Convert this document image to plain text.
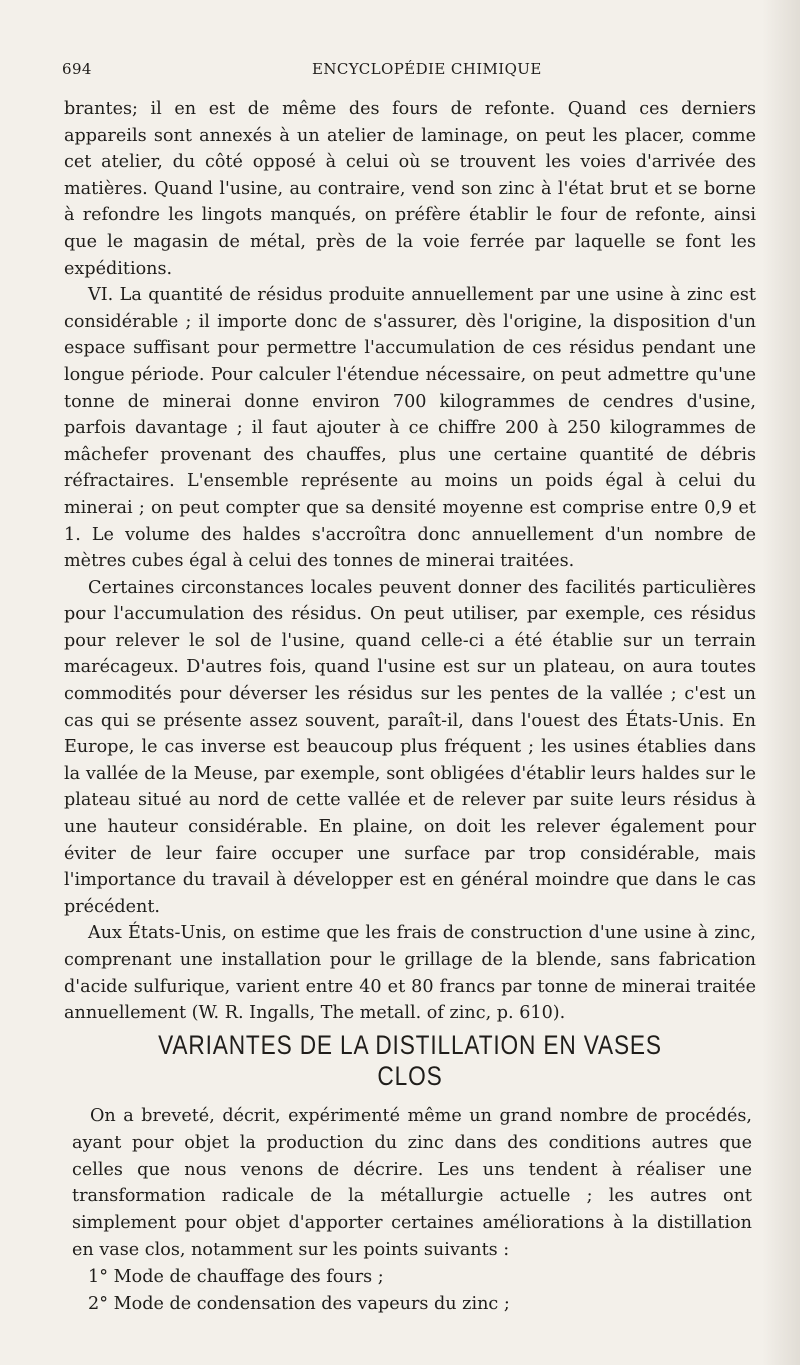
694	ENCYCLOPÉDIE CHIMIQUE

brantes; il en est de même des fours de refonte. Quand ces derniers appareils sont annexés à un atelier de laminage, on peut les placer, comme cet atelier, du côté opposé à celui où se trouvent les voies d'arrivée des matières. Quand l'usine, au contraire, vend son zinc à l'état brut et se borne à refondre les lingots manqués, on préfère établir le four de refonte, ainsi que le magasin de métal, près de la voie ferrée par laquelle se font les expéditions.

VI. La quantité de résidus produite annuellement par une usine à zinc est considérable ; il importe donc de s'assurer, dès l'origine, la disposition d'un espace suffisant pour permettre l'accumulation de ces résidus pendant une longue période. Pour calculer l'étendue nécessaire, on peut admettre qu'une tonne de minerai donne environ 700 kilogrammes de cendres d'usine, parfois davantage ; il faut ajouter à ce chiffre 200 à 250 kilogrammes de mâchefer provenant des chauffes, plus une certaine quantité de débris réfractaires. L'ensemble représente au moins un poids égal à celui du minerai ; on peut compter que sa densité moyenne est comprise entre 0,9 et 1. Le volume des haldes s'accroîtra donc annuellement d'un nombre de mètres cubes égal à celui des tonnes de minerai traitées.

Certaines circonstances locales peuvent donner des facilités particulières pour l'accumulation des résidus. On peut utiliser, par exemple, ces résidus pour relever le sol de l'usine, quand celle-ci a été établie sur un terrain marécageux. D'autres fois, quand l'usine est sur un plateau, on aura toutes commodités pour déverser les résidus sur les pentes de la vallée ; c'est un cas qui se présente assez souvent, paraît-il, dans l'ouest des États-Unis. En Europe, le cas inverse est beaucoup plus fréquent ; les usines établies dans la vallée de la Meuse, par exemple, sont obligées d'établir leurs haldes sur le plateau situé au nord de cette vallée et de relever par suite leurs résidus à une hauteur considérable. En plaine, on doit les relever également pour éviter de leur faire occuper une surface par trop considérable, mais l'importance du travail à développer est en général moindre que dans le cas précédent.

Aux États-Unis, on estime que les frais de construction d'une usine à zinc, comprenant une installation pour le grillage de la blende, sans fabrication d'acide sulfurique, varient entre 40 et 80 francs par tonne de minerai traitée annuellement (W. R. Ingalls, The metall. of zinc, p. 610).

VARIANTES DE LA DISTILLATION EN VASES CLOS

On a breveté, décrit, expérimenté même un grand nombre de procédés, ayant pour objet la production du zinc dans des conditions autres que celles que nous venons de décrire. Les uns tendent à réaliser une transformation radicale de la métallurgie actuelle ; les autres ont simplement pour objet d'apporter certaines améliorations à la distillation en vase clos, notamment sur les points suivants :

1° Mode de chauffage des fours ;

2° Mode de condensation des vapeurs du zinc ;
